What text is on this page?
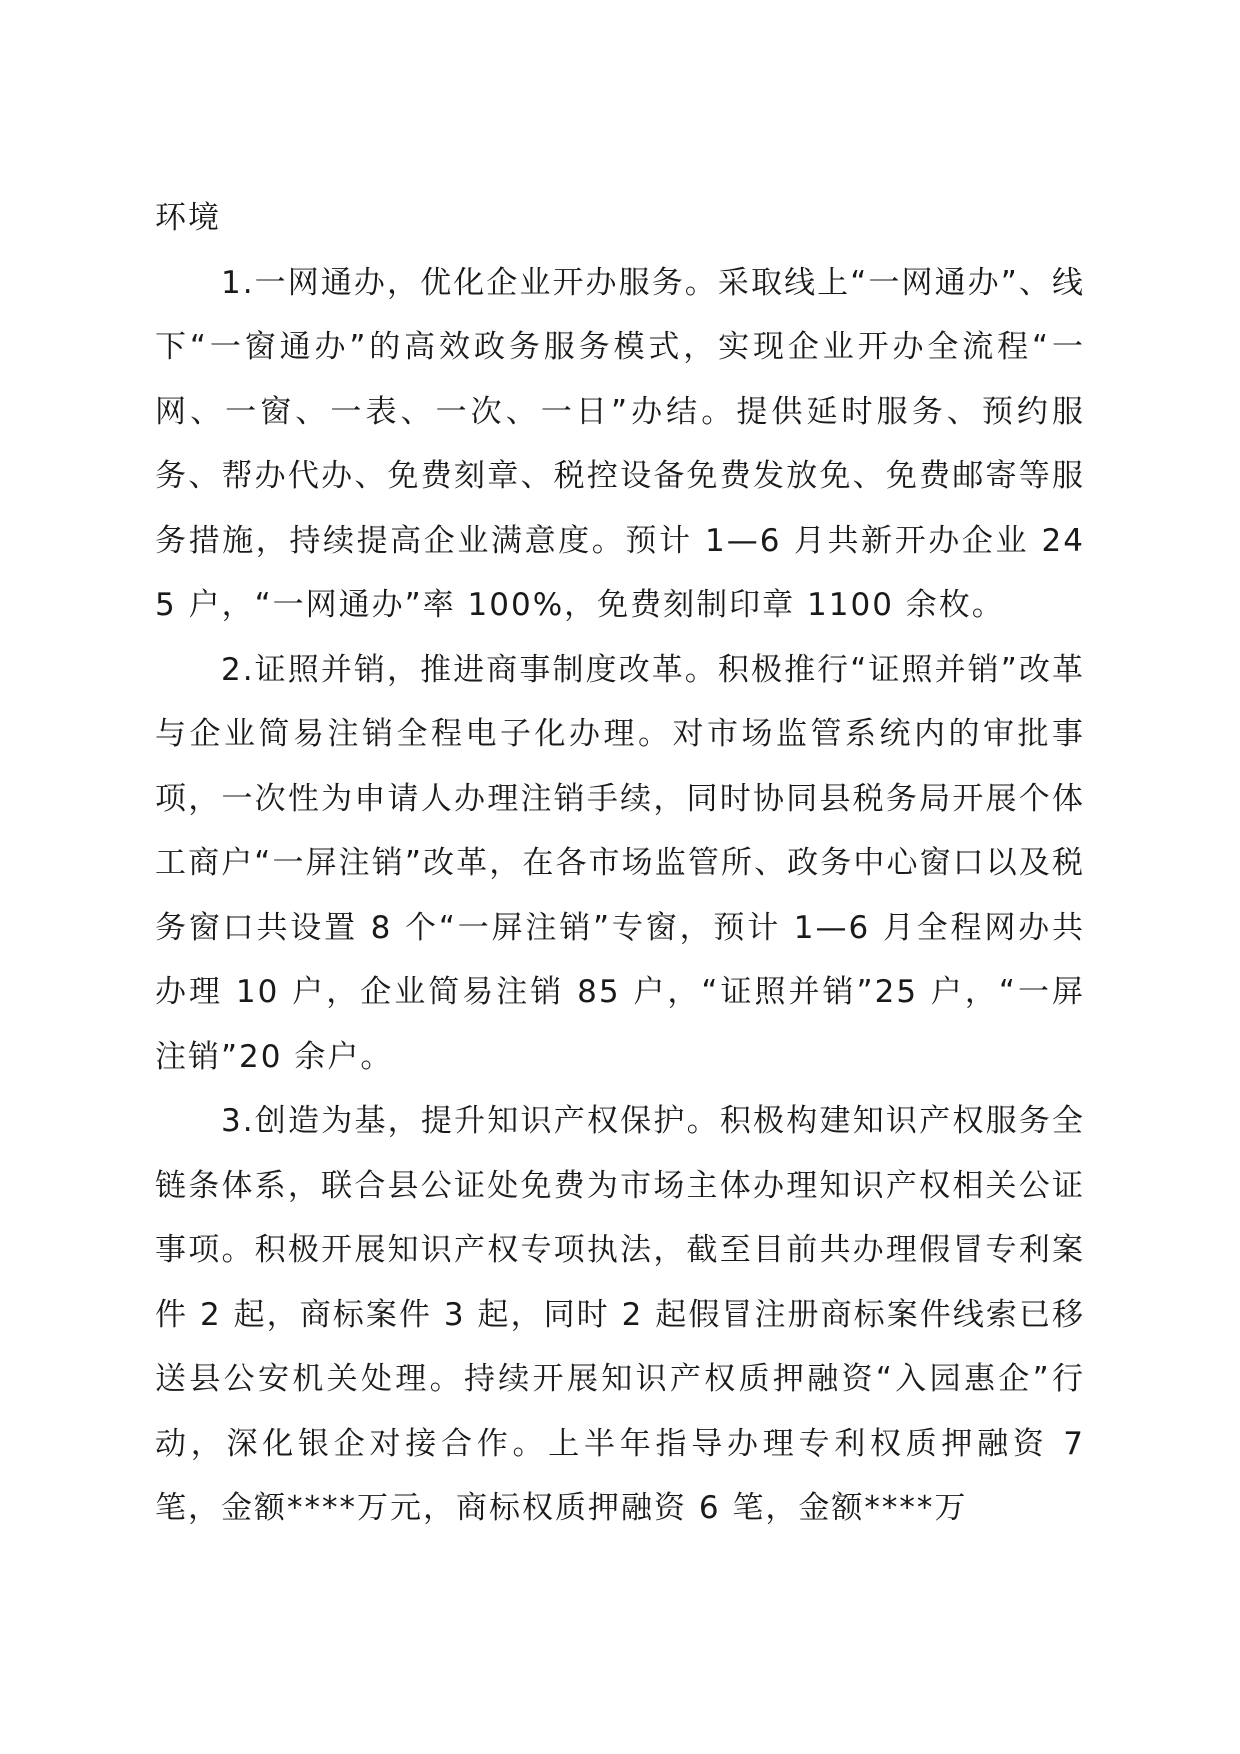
环境

1.一网通办，优化企业开办服务。采取线上“一网通办”、线下“一窗通办”的高效政务服务模式，实现企业开办全流程“一网、一窗、一表、一次、一日”办结。提供延时服务、预约服务、帮办代办、免费刻章、税控设备免费发放免、免费邮寄等服务措施，持续提高企业满意度。预计 1—6 月共新开办企业 245 户，“一网通办”率 100%，免费刻制印章 1100 余枚。

2.证照并销，推进商事制度改革。积极推行“证照并销”改革与企业简易注销全程电子化办理。对市场监管系统内的审批事项，一次性为申请人办理注销手续，同时协同县税务局开展个体工商户“一屏注销”改革，在各市场监管所、政务中心窗口以及税务窗口共设置 8 个“一屏注销”专窗，预计 1—6 月全程网办共办理 10 户，企业简易注销 85 户，“证照并销”25 户，“一屏注销”20 余户。

3.创造为基，提升知识产权保护。积极构建知识产权服务全链条体系，联合县公证处免费为市场主体办理知识产权相关公证事项。积极开展知识产权专项执法，截至目前共办理假冒专利案件 2 起，商标案件 3 起，同时 2 起假冒注册商标案件线索已移送县公安机关处理。持续开展知识产权质押融资“入园惠企”行动，深化银企对接合作。上半年指导办理专利权质押融资 7 笔，金额****万元，商标权质押融资 6 笔，金额****万
